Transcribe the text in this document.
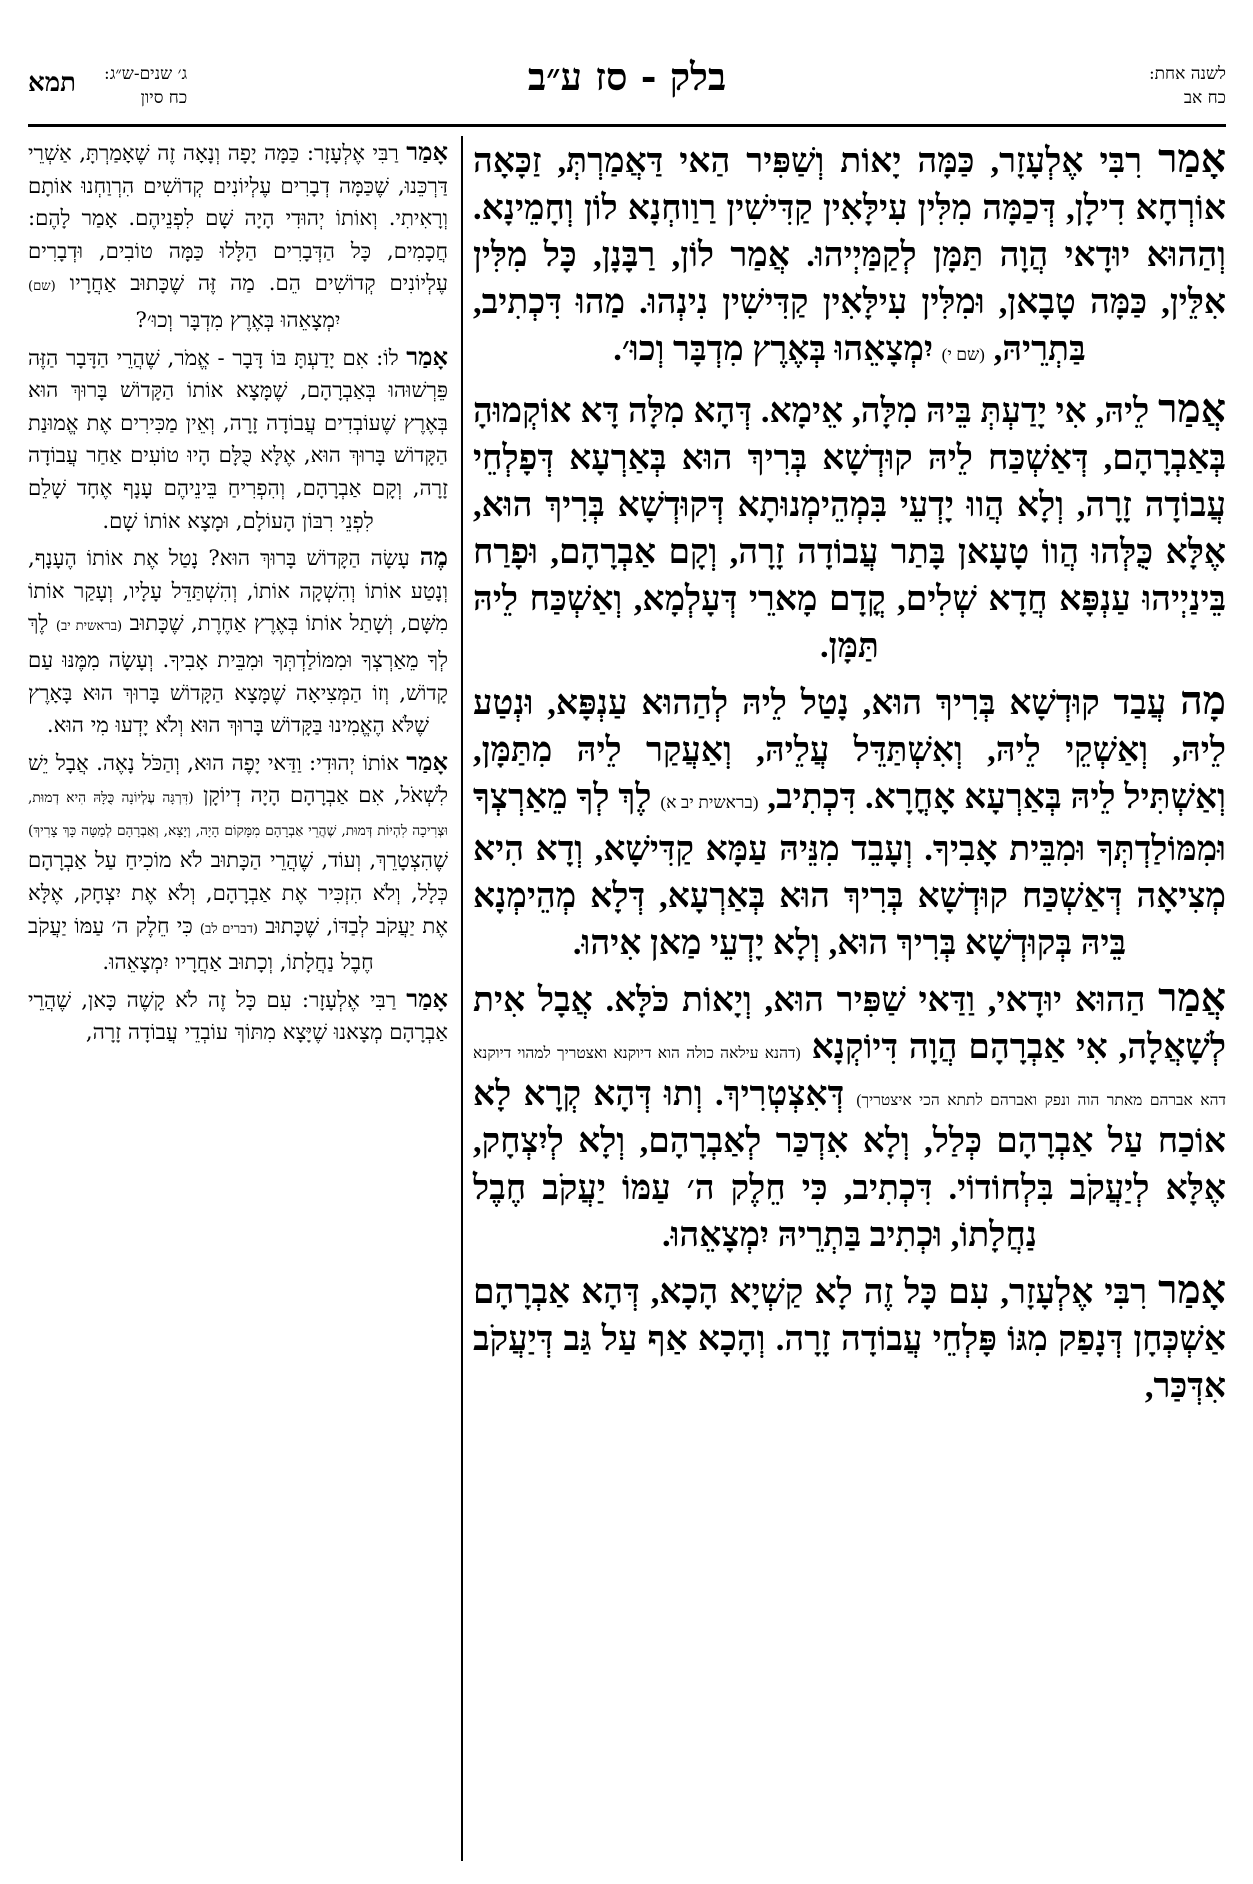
לשנה אחת:
כח אב
בלק - סז ע״ב
ג׳ שנים-ש״ג:
כח סיון
תמא

אָמַר רִבִּי אֶלְעָזָר, כַּמָּה יָאוֹת וְשַׁפִּיר הַאי דַּאֲמַרְתְּ, זַכָּאָה אוֹרְחָא דִילָן, דְּכַמָּה מִלִּין עִילָּאִין קַדִּישִׁין רַוַוחְנָא לוֹן וְחָמֵינָא. וְהַהוּא יוּדָאי הֲוָה תַּמָּן לְקַמַּיְיהוּ. אֲמַר לוֹן, רַבָּנָן, כָּל מִלִּין אִלֵּין, כַּמָּה טָבָאן, וּמִלִּין עִילָּאִין קַדִּישִׁין נִינְהוּ. מַהוּ דִּכְתִיב, בַּתְרֵיהּ, (שם י) יִמְצָאֵהוּ בְּאֶרֶץ מִדְבָּר וְכוּ׳.

אֲמַר לֵיהּ, אִי יָדַעְתְּ בֵּיהּ מִלָּה, אֵימָא. דְּהָא מִלָּה דָּא אוֹקְמוּהָ בְּאַבְרָהָם, דְּאַשְׁכַּח לֵיהּ קוּדְשָׁא בְּרִיךְ הוּא בְּאַרְעָא דְּפָלְחֵי עֲבוֹדָה זָרָה, וְלָא הֲווּ יָדְעֵי בִּמְהֵימְנוּתָא דְּקוּדְשָׁא בְּרִיךְ הוּא, אֶלָּא כֻּלְּהוּ הֲווֹ טָעָאן בָּתַר עֲבוֹדָה זָרָה, וְקָם אַבְרָהָם, וּפָרַח בֵּינַיְיהוּ עַנְפָּא חֲדָא שְׁלִים, קֳדָם מָארֵי דְּעָלְמָא, וְאַשְׁכַּח לֵיהּ תַּמָּן.

מָה עֲבַד קוּדְשָׁא בְּרִיךְ הוּא, נָטַל לֵיהּ לְהַהוּא עַנְפָּא, וּנְטַע לֵיהּ, וְאַשְׁקֵי לֵיהּ, וְאִשְׁתַּדֵּל עֲלֵיהּ, וְאַעֲקַר לֵיהּ מִתַּמָּן, וְאַשְׁתִּיל לֵיהּ בְּאַרְעָא אָחֳרָא. דִּכְתִיב, (בראשית יב א) לֶךְ לְךָ מֵאַרְצְךָ וּמִמּוֹלַדְתְּךָ וּמִבֵּית אָבִיךָ. וְעָבֵד מִנֵּיהּ עַמָּא קַדִּישָׁא, וְדָא הִיא מְצִיאָה דְּאַשְׁכַּח קוּדְשָׁא בְּרִיךְ הוּא בְּאַרְעָא, דְּלָא מְהֵימְנָא בֵּיהּ בְּקוּדְשָׁא בְּרִיךְ הוּא, וְלָא יָדְעֵי מַאן אִיהוּ.

אֲמַר הַהוּא יוּדָאי, וַדַּאי שַׁפִּיר הוּא, וְיָאוֹת כֹּלָּא. אֲבָל אִית לְשָׁאֲלָה, אִי אַבְרָהָם הֲוָה דִּיוֹקְנָא (דהנא עילאה כולה הוא דיוקנא ואצטריך למהוי דיוקנא דהא אברהם מאתר הוה ונפק ואברהם לתתא הכי איצטריך) דְּאִצְטְרִיךְ. וְתוּ דְּהָא קְרָא לָא אוֹכַח עַל אַבְרָהָם כְּלַל, וְלָא אִדְכַּר לְאַבְרָהָם, וְלָא לְיִצְחָק, אֶלָּא לְיַעֲקֹב בִּלְחוֹדוֹי. דִּכְתִיב, כִּי חֵלֶק ה׳ עַמּוֹ יַעֲקֹב חֶבֶל נַחֲלָתוֹ, וּכְתִיב בַּתְרֵיהּ יִמְצָאֵהוּ.

אָמַר רִבִּי אֶלְעָזָר, עִם כָּל זֶה לָא קַשְׁיָא הָכָא, דְּהָא אַבְרָהָם אַשְׁכְּחָן דְּנָפַק מִגּוֹ פָּלְחֵי עֲבוֹדָה זָרָה. וְהָכָא אַף עַל גַּב דְּיַעֲקֹב אִדְּכַּר,

אָמַר רַבִּי אֶלְעָזָר: כַּמָּה יָפָה וְנָאָה זֶה שֶׁאָמַרְתָּ, אַשְׁרֵי דַּרְכֵּנוּ, שֶׁכַּמָּה דְבָרִים עֶלְיוֹנִים קְדוֹשִׁים הִרְוַחְנוּ אוֹתָם וְרָאִיתִי. וְאוֹתוֹ יְהוּדִי הָיָה שָׁם לִפְנֵיהֶם. אָמַר לָהֶם: חֲכָמִים, כָּל הַדְּבָרִים הַלָּלוּ כַּמָּה טוֹבִים, וּדְבָרִים עֶלְיוֹנִים קְדוֹשִׁים הֵם. מַה זֶּה שֶׁכָּתוּב אַחֲרָיו (שם) יִמְצָאֵהוּ בְּאֶרֶץ מִדְבָּר וְכוּ׳?

אָמַר לוֹ: אִם יָדַעְתָּ בּוֹ דָּבָר - אֱמֹר, שֶׁהֲרֵי הַדָּבָר הַזֶּה פֵּרְשׁוּהוּ בְּאַבְרָהָם, שֶׁמָּצָא אוֹתוֹ הַקָּדוֹשׁ בָּרוּךְ הוּא בְּאֶרֶץ שֶׁעוֹבְדִים עֲבוֹדָה זָרָה, וְאֵין מַכִּירִים אֶת אֱמוּנַת הַקָּדוֹשׁ בָּרוּךְ הוּא, אֶלָּא כֻּלָּם הָיוּ טוֹעִים אַחַר עֲבוֹדָה זָרָה, וְקָם אַבְרָהָם, וְהִפְרִיחַ בֵּינֵיהֶם עָנָף אֶחָד שָׁלֵם לִפְנֵי רִבּוֹן הָעוֹלָם, וּמָצָא אוֹתוֹ שָׁם.

מֶה עָשָׂה הַקָּדוֹשׁ בָּרוּךְ הוּא? נָטַל אֶת אוֹתוֹ הֶעָנָף, וְנָטַע אוֹתוֹ וְהִשְׁקָה אוֹתוֹ, וְהִשְׁתַּדֵּל עָלָיו, וְעָקַר אוֹתוֹ מִשָּׁם, וְשָׁתַל אוֹתוֹ בְּאֶרֶץ אַחֶרֶת, שֶׁכָּתוּב (בראשית יב) לֶךְ לְךָ מֵאַרְצְךָ וּמִמּוֹלַדְתְּךָ וּמִבֵּית אָבִיךָ. וְעָשָׂה מִמֶּנּוּ עַם קָדוֹשׁ, וְזוֹ הַמְּצִיאָה שֶׁמָּצָא הַקָּדוֹשׁ בָּרוּךְ הוּא בָּאָרֶץ שֶׁלֹּא הֶאֱמִינוּ בַּקָּדוֹשׁ בָּרוּךְ הוּא וְלֹא יָדְעוּ מִי הוּא.

אָמַר אוֹתוֹ יְהוּדִי: וַדַּאי יָפֶה הוּא, וְהַכֹּל נָאֶה. אֲבָל יֵשׁ לִשְׁאֹל, אִם אַבְרָהָם הָיָה דְיוֹקָן (דִּרְגָּה עֶלְיוֹנָה כֻּלָּהּ הִיא דְמוּת, וּצְרִיכָה לִהְיוֹת דְּמוּת, שֶׁהֲרֵי אַבְרָהָם מִמָּקוֹם הָיָה, וְיָצָא, וְאַבְרָהָם לְמַטָּה כָּךְ צָרִיךְ) שֶׁהִצְטָרֵךְ, וְעוֹד, שֶׁהֲרֵי הַכָּתוּב לֹא מוֹכִיחַ עַל אַבְרָהָם כְּלָל, וְלֹא הִזְכִּיר אֶת אַבְרָהָם, וְלֹא אֶת יִצְחָק, אֶלָּא אֶת יַעֲקֹב לְבַדּוֹ, שֶׁכָּתוּב (דברים לב) כִּי חֵלֶק ה׳ עַמּוֹ יַעֲקֹב חֶבֶל נַחֲלָתוֹ, וְכָתוּב אַחֲרָיו יִמְצָאֵהוּ.

אָמַר רַבִּי אֶלְעָזָר: עִם כָּל זֶה לֹא קָשֶׁה כָּאן, שֶׁהֲרֵי אַבְרָהָם מְצָאנוּ שֶׁיָּצָא מִתּוֹךְ עוֹבְדֵי עֲבוֹדָה זָרָה,
